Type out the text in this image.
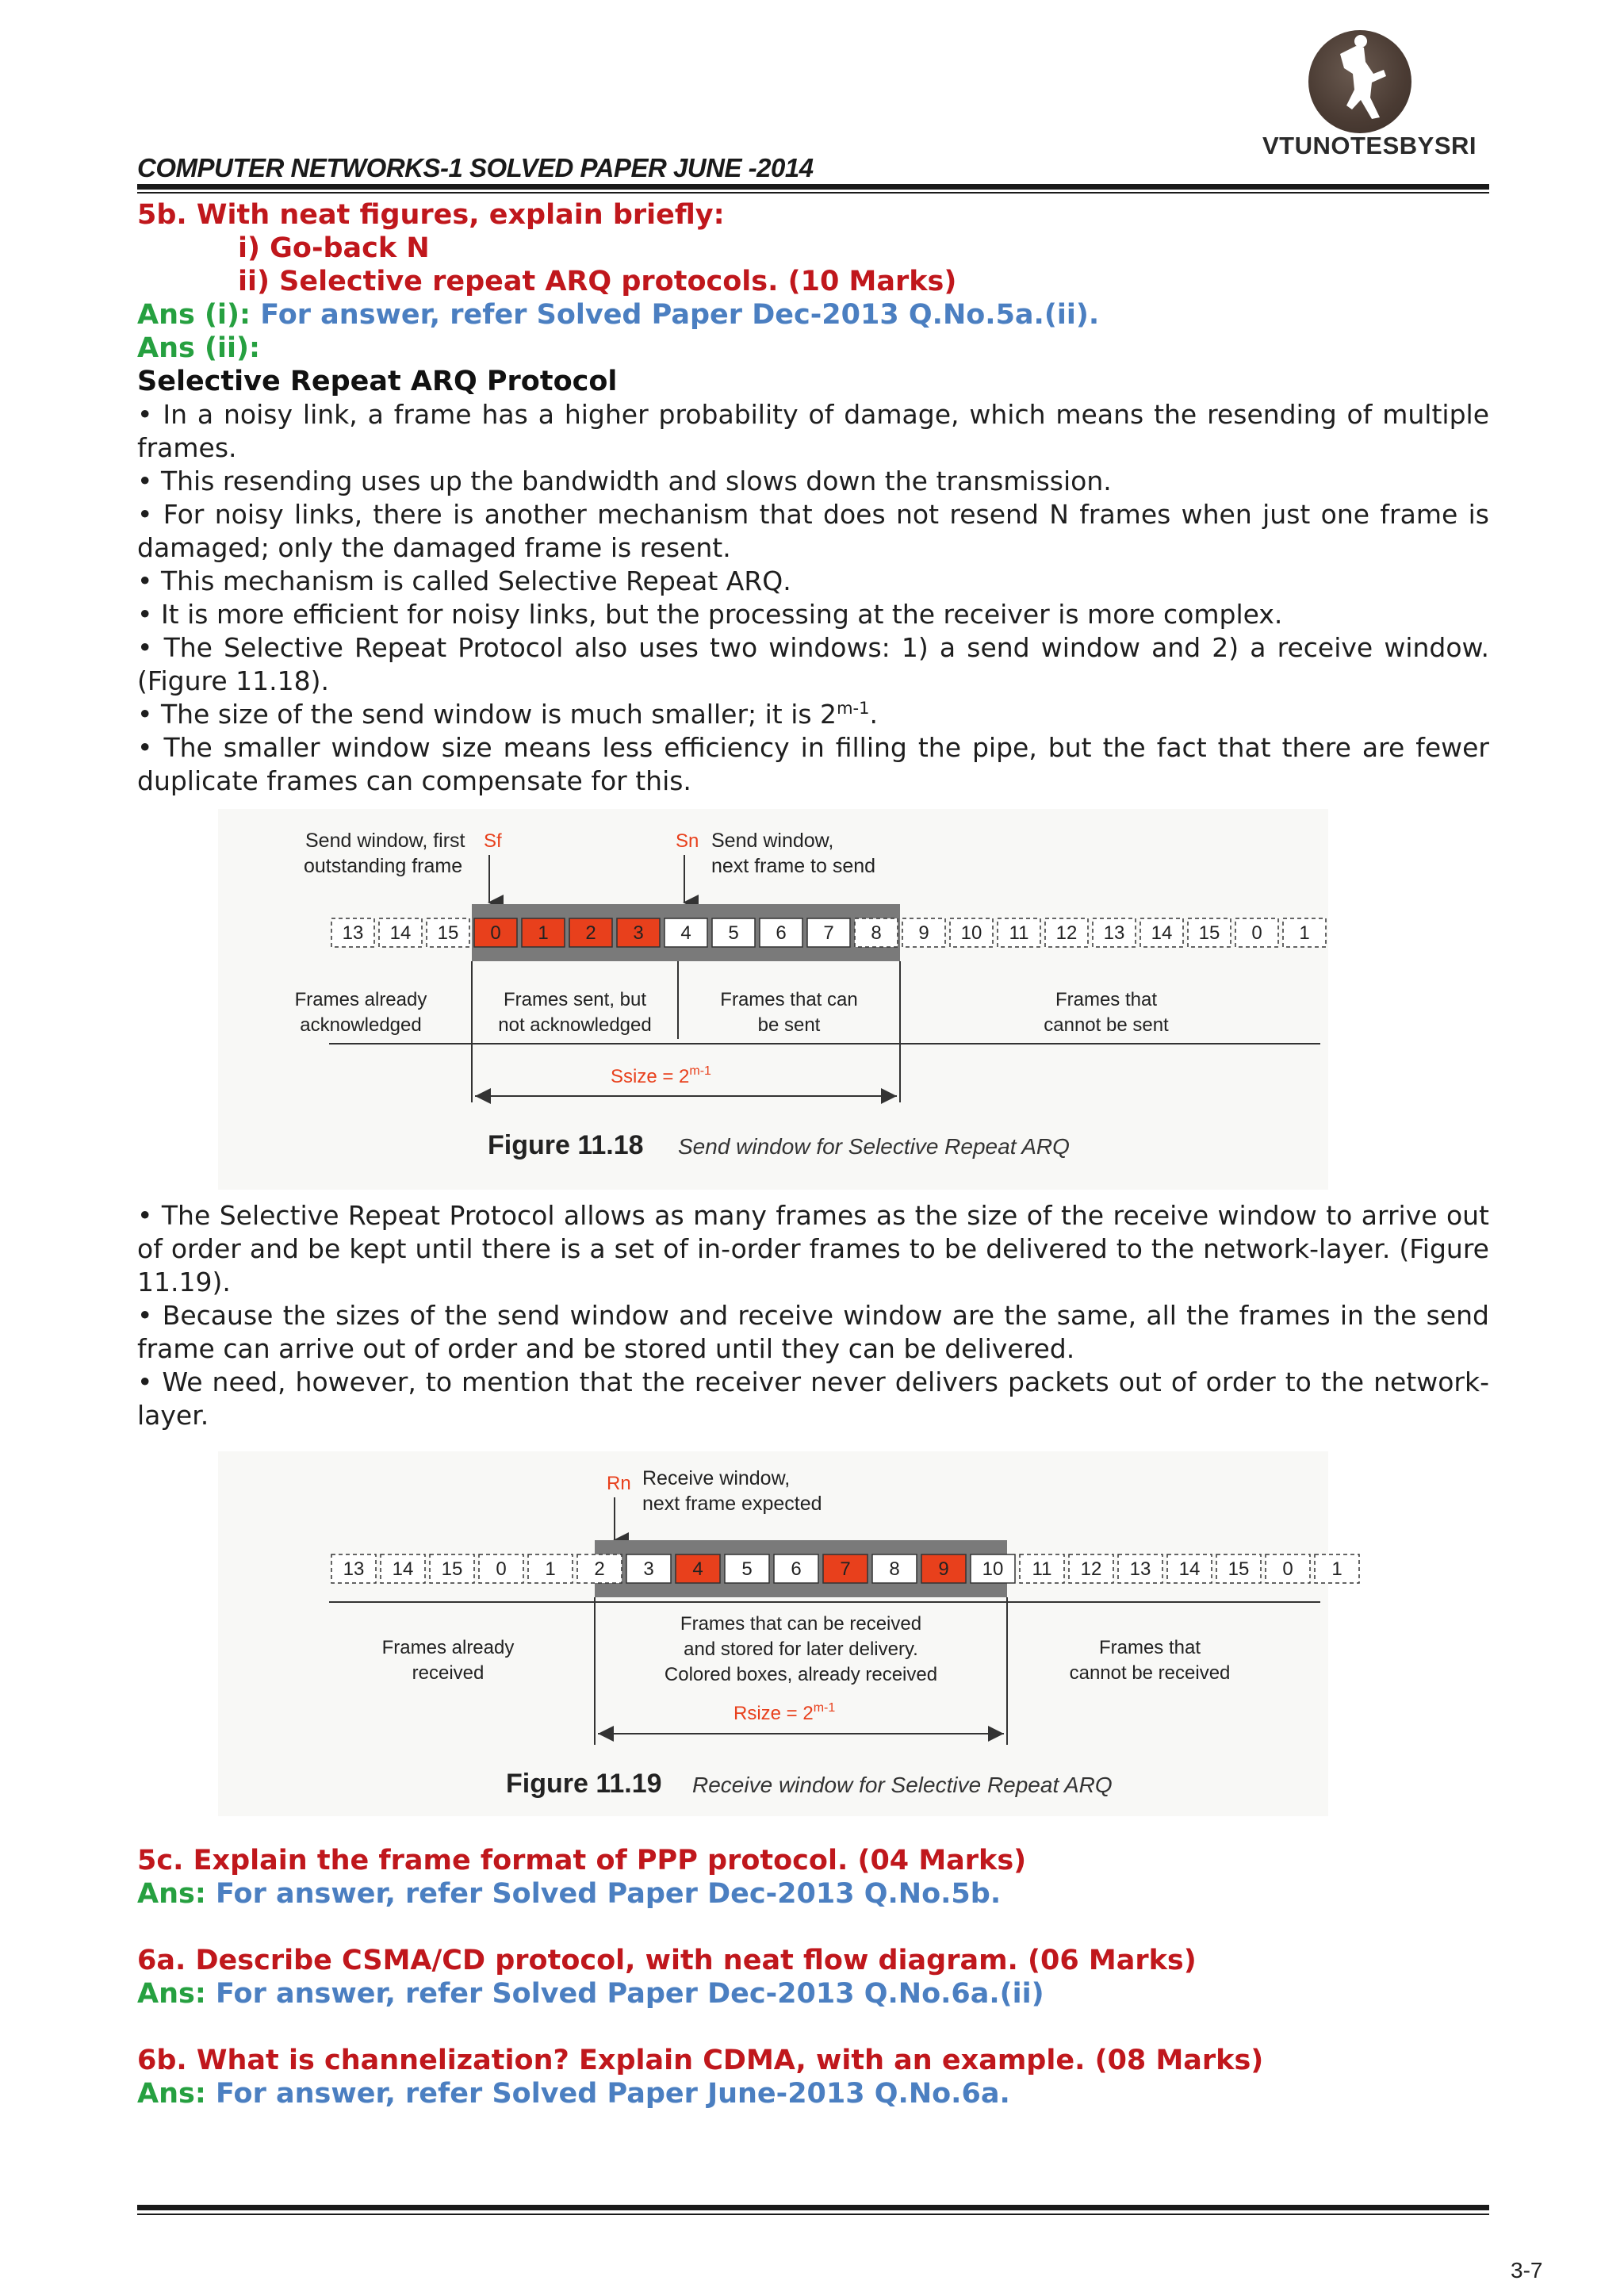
VTUNOTESBYSRI
COMPUTER NETWORKS-1 SOLVED PAPER JUNE -2014
5b. With neat figures, explain briefly:
i) Go-back N
ii) Selective repeat ARQ protocols. (10 Marks)
Ans (i): For answer, refer Solved Paper Dec-2013 Q.No.5a.(ii).
Ans (ii):
Selective Repeat ARQ Protocol
• In a noisy link, a frame has a higher probability of damage, which means the resending of multiple frames.
• This resending uses up the bandwidth and slows down the transmission.
• For noisy links, there is another mechanism that does not resend N frames when just one frame is damaged; only the damaged frame is resent.
• This mechanism is called Selective Repeat ARQ.
• It is more efficient for noisy links, but the processing at the receiver is more complex.
• The Selective Repeat Protocol also uses two windows: 1) a send window and 2) a receive window. (Figure 11.18).
• The size of the send window is much smaller; it is 2$^{m-1}$.
• The smaller window size means less efficiency in filling the pipe, but the fact that there are fewer duplicate frames can compensate for this.
Send window, first
outstanding frame
Sf	Sn Send window,
next frame to send
13 14 15 0 1 2 3 4 5 6 7 8 9 10 11 12 13 14 15 0 1
Frames already
acknowledged
Frames sent, but
not acknowledged
Frames that can
be sent
Frames that
cannot be sent
Ssize = $2^{m-1}$
Figure 11.18 Send window for Selective Repeat ARQ
• The Selective Repeat Protocol allows as many frames as the size of the receive window to arrive out of order and be kept until there is a set of in-order frames to be delivered to the network-layer. (Figure 11.19).
• Because the sizes of the send window and receive window are the same, all the frames in the send frame can arrive out of order and be stored until they can be delivered.
• We need, however, to mention that the receiver never delivers packets out of order to the network-layer.
Rn Receive window,
next frame expected
13 14 15 0 1 2 3 4 5 6 7 8 9 10 11 12 13 14 15 0 1
Frames already
received
Frames that can be received
and stored for later delivery.
Colored boxes, already received
Frames that
cannot be received
Rsize = $2^{m-1}$
Figure 11.19 Receive window for Selective Repeat ARQ
5c. Explain the frame format of PPP protocol. (04 Marks)
Ans: For answer, refer Solved Paper Dec-2013 Q.No.5b.
6a. Describe CSMA/CD protocol, with neat flow diagram. (06 Marks)
Ans: For answer, refer Solved Paper Dec-2013 Q.No.6a.(ii)
6b. What is channelization? Explain CDMA, with an example. (08 Marks)
Ans: For answer, refer Solved Paper June-2013 Q.No.6a.
3-7
